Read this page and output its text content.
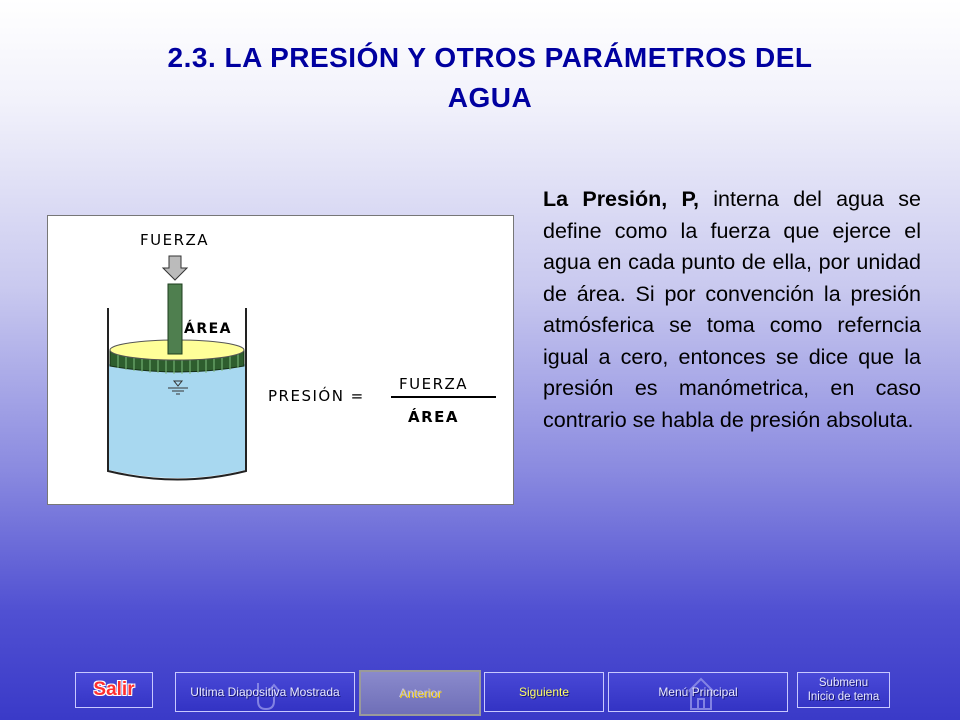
2.3. LA PRESIÓN Y OTROS PARÁMETROS DEL
AGUA
FUERZA
ÁREA
PRESIÓN =
FUERZA
ÁREA
La Presión, P, interna del agua se define como la fuerza que ejerce el agua en cada punto de ella, por unidad de área. Si por convención la presión atmósferica se toma como referncia igual a cero, entonces se dice que la presión es manómetrica, en caso contrario se habla de presión absoluta.
Salir	Ultima Diapositiva Mostrada	Anterior	Siguiente	Menú Principal
Submenu
Inicio de tema
